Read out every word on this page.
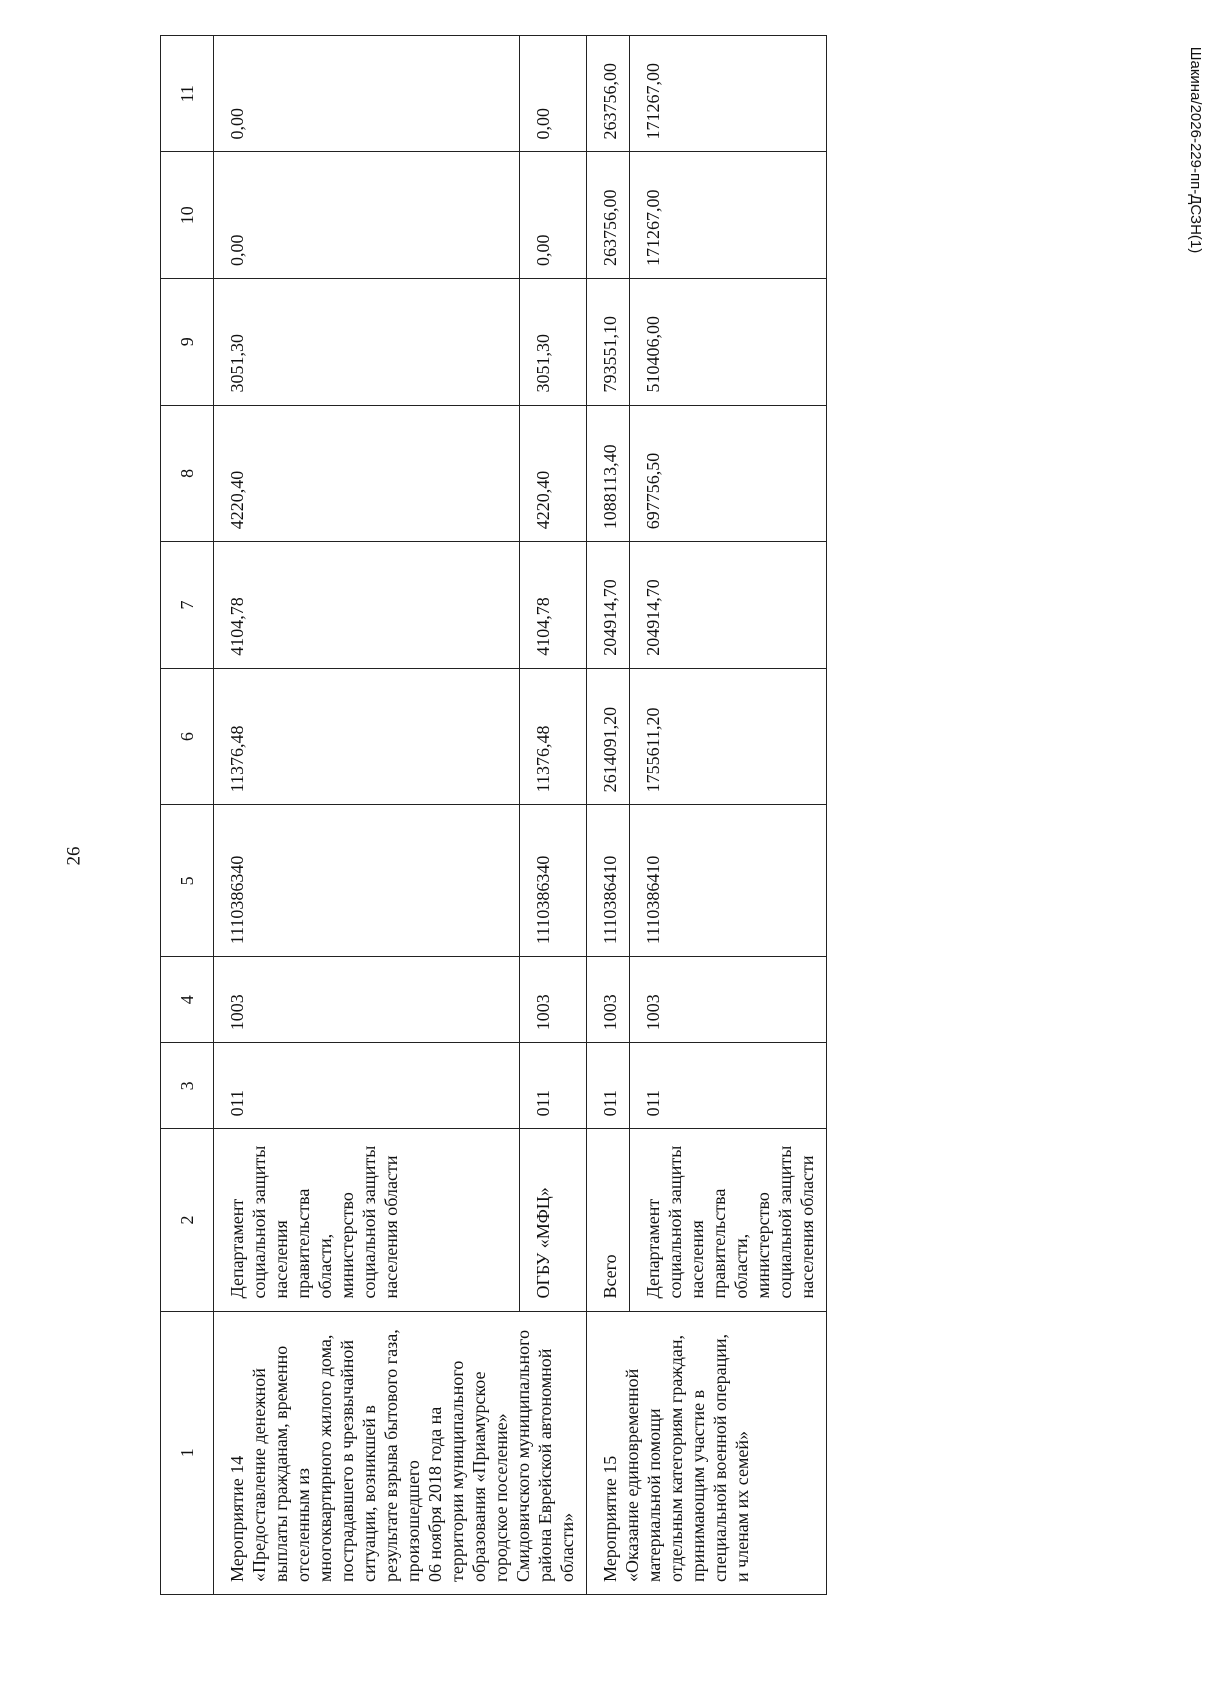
26
Шакина/2026-229-пп-ДСЗН(1)
1	2	3	4	5	6	7	8	9	10	11
Мероприятие 14
«Предоставление денежной выплаты гражданам, временно отселенным из многоквартирного жилого дома, пострадавшего в чрезвычайной ситуации, возникшей в результате взрыва бытового газа, произошедшего
06 ноября 2018 года на территории муниципального образования «Приамурское городское поселение» Смидовичского муниципального района Еврейской автономной области»	Департамент социальной защиты населения правительства области, министерство социальной защиты населения области	011	1003	1110386340	11376,48	4104,78	4220,40	3051,30	0,00	0,00
	ОГБУ «МФЦ»	011	1003	1110386340	11376,48	4104,78	4220,40	3051,30	0,00	0,00
Мероприятие 15
«Оказание единовременной материальной помощи отдельным категориям граждан, принимающим участие в специальной военной операции, и членам их семей»	Всего	011	1003	1110386410	2614091,20	204914,70	1088113,40	793551,10	263756,00	263756,00
	Департамент социальной защиты населения правительства области, министерство социальной защиты населения области	011	1003	1110386410	1755611,20	204914,70	697756,50	510406,00	171267,00	171267,00
